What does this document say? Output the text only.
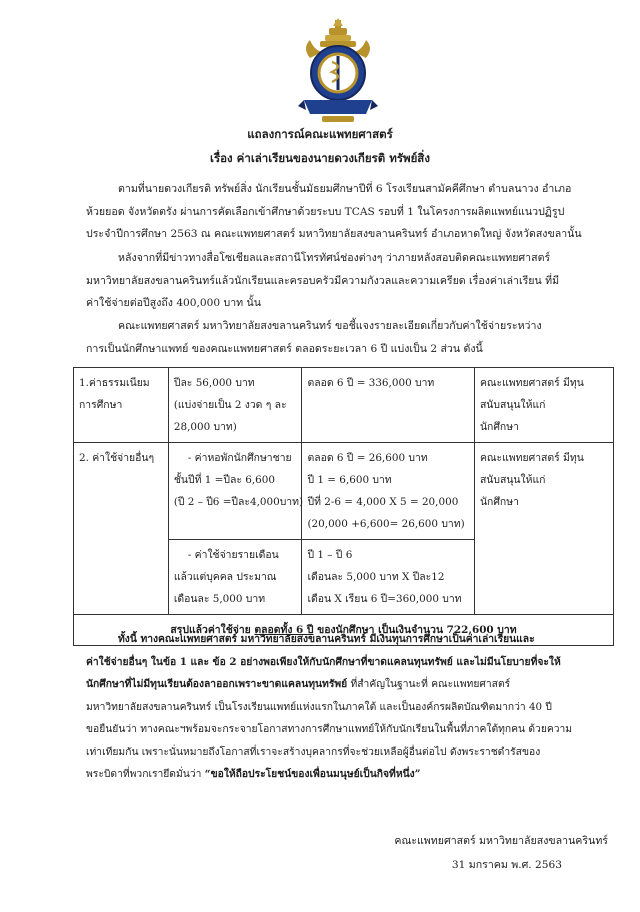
แถลงการณ์คณะแพทยศาสตร์
เรื่อง ค่าเล่าเรียนของนายดวงเกียรติ ทรัพย์สิ่ง

ตามที่นายดวงเกียรติ ทรัพย์สิ่ง นักเรียนชั้นมัธยมศึกษาปีที่ 6 โรงเรียนสามัคคีศึกษา ตำบลนาวง อำเภอ
ห้วยยอด จังหวัดตรัง ผ่านการคัดเลือกเข้าศึกษาด้วยระบบ TCAS รอบที่ 1 ในโครงการผลิตแพทย์แนวปฏิรูป
ประจำปีการศึกษา 2563 ณ คณะแพทยศาสตร์ มหาวิทยาลัยสงขลานครินทร์ อำเภอหาดใหญ่ จังหวัดสงขลานั้น

หลังจากที่มีข่าวทางสื่อโซเชียลและสถานีโทรทัศน์ช่องต่างๆ ว่าภายหลังสอบติดคณะแพทยศาสตร์
มหาวิทยาลัยสงขลานครินทร์แล้วนักเรียนและครอบครัวมีความกังวลและความเครียด เรื่องค่าเล่าเรียน ที่มี
ค่าใช้จ่ายต่อปีสูงถึง 400,000 บาท นั้น

คณะแพทยศาสตร์ มหาวิทยาลัยสงขลานครินทร์ ขอชี้แจงรายละเอียดเกี่ยวกับค่าใช้จ่ายระหว่าง
การเป็นนักศึกษาแพทย์ ของคณะแพทยศาสตร์ ตลอดระยะเวลา 6 ปี แบ่งเป็น 2 ส่วน ดังนี้

1.ค่าธรรมเนียม
การศึกษา	ปีละ 56,000 บาท
(แบ่งจ่ายเป็น 2 งวด ๆ ละ
28,000 บาท)	ตลอด 6 ปี = 336,000 บาท	คณะแพทยศาสตร์ มีทุน
สนับสนุนให้แก่
นักศึกษา

2. ค่าใช้จ่ายอื่นๆ	- ค่าหอพักนักศึกษาชาย
ชั้นปีที่ 1 =ปีละ 6,600
(ปี 2 – ปี6 =ปีละ4,000บาท)	ตลอด 6 ปี = 26,600 บาท
ปี 1 = 6,600 บาท
ปีที่ 2-6 = 4,000 X 5 = 20,000
(20,000 +6,600= 26,600 บาท)	คณะแพทยศาสตร์ มีทุน
สนับสนุนให้แก่
นักศึกษา

	- ค่าใช้จ่ายรายเดือน
แล้วแต่บุคคล ประมาณ
เดือนละ 5,000 บาท	ปี 1 – ปี 6
เดือนละ 5,000 บาท X ปีละ12
เดือน X เรียน 6 ปี=360,000 บาท	

สรุปแล้วค่าใช้จ่าย ตลอดทั้ง 6 ปี ของนักศึกษา เป็นเงินจำนวน 722,600 บาท			

ทั้งนี้ ทางคณะแพทยศาสตร์ มหาวิทยาลัยสงขลานครินทร์ มีเงินทุนการศึกษาเป็นค่าเล่าเรียนและ
ค่าใช้จ่ายอื่นๆ ในข้อ 1 และ ข้อ 2 อย่างพอเพียงให้กับนักศึกษาที่ขาดแคลนทุนทรัพย์ และไม่มีนโยบายที่จะให้
นักศึกษาที่ไม่มีทุนเรียนต้องลาออกเพราะขาดแคลนทุนทรัพย์ ที่สำคัญในฐานะที่ คณะแพทยศาสตร์
มหาวิทยาลัยสงขลานครินทร์ เป็นโรงเรียนแพทย์แห่งแรกในภาคใต้ และเป็นองค์กรผลิตบัณฑิตมากว่า 40 ปี
ขอยืนยันว่า ทางคณะฯพร้อมจะกระจายโอกาสทางการศึกษาแพทย์ให้กับนักเรียนในพื้นที่ภาคใต้ทุกคน ด้วยความ
เท่าเทียมกัน เพราะนั่นหมายถึงโอกาสที่เราจะสร้างบุคลากรที่จะช่วยเหลือผู้อื่นต่อไป ดังพระราชดำรัสของ
พระบิดาที่พวกเรายึดมั่นว่า “ขอให้ถือประโยชน์ของเพื่อนมนุษย์เป็นกิจที่หนึ่ง”

คณะแพทยศาสตร์ มหาวิทยาลัยสงขลานครินทร์
31 มกราคม พ.ศ. 2563
